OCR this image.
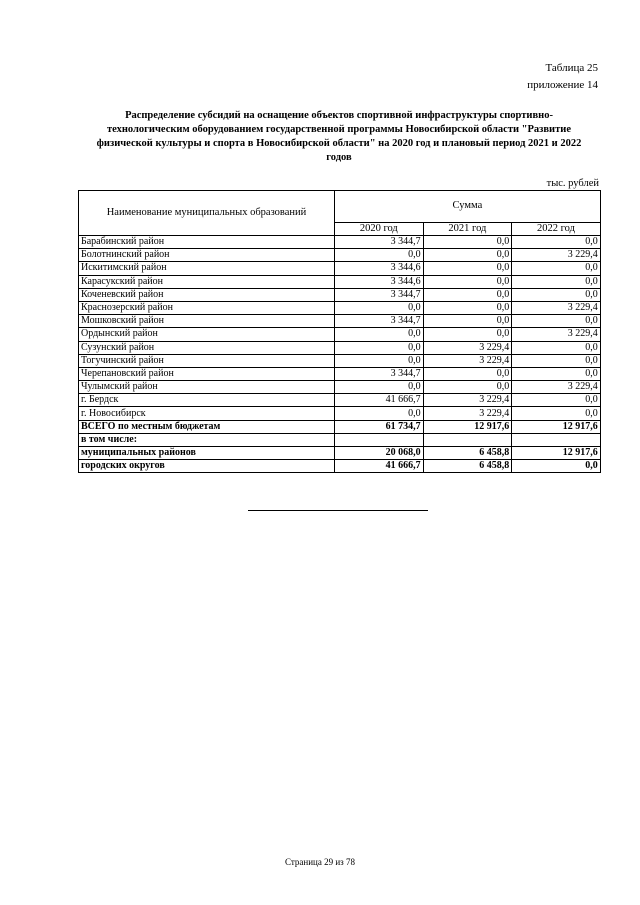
Таблица 25
приложение 14
Распределение субсидий на оснащение объектов спортивной инфраструктуры спортивно-
технологическим оборудованием государственной программы Новосибирской области "Развитие
физической культуры и спорта в Новосибирской области" на 2020 год и плановый период 2021 и 2022
годов
тыс. рублей
Наименование муниципальных образований	Сумма		
	2020 год	2021 год	2022 год
Барабинский район	3 344,7	0,0	0,0
Болотнинский район	0,0	0,0	3 229,4
Искитимский район	3 344,6	0,0	0,0
Карасукский район	3 344,6	0,0	0,0
Коченевский район	3 344,7	0,0	0,0
Краснозерский район	0,0	0,0	3 229,4
Мошковский район	3 344,7	0,0	0,0
Ордынский район	0,0	0,0	3 229,4
Сузунский район	0,0	3 229,4	0,0
Тогучинский район	0,0	3 229,4	0,0
Черепановский район	3 344,7	0,0	0,0
Чулымский район	0,0	0,0	3 229,4
г. Бердск	41 666,7	3 229,4	0,0
г. Новосибирск	0,0	3 229,4	0,0
ВСЕГО по местным бюджетам	61 734,7	12 917,6	12 917,6
в том числе:			
муниципальных районов	20 068,0	6 458,8	12 917,6
городских округов	41 666,7	6 458,8	0,0
Страница 29 из 78
